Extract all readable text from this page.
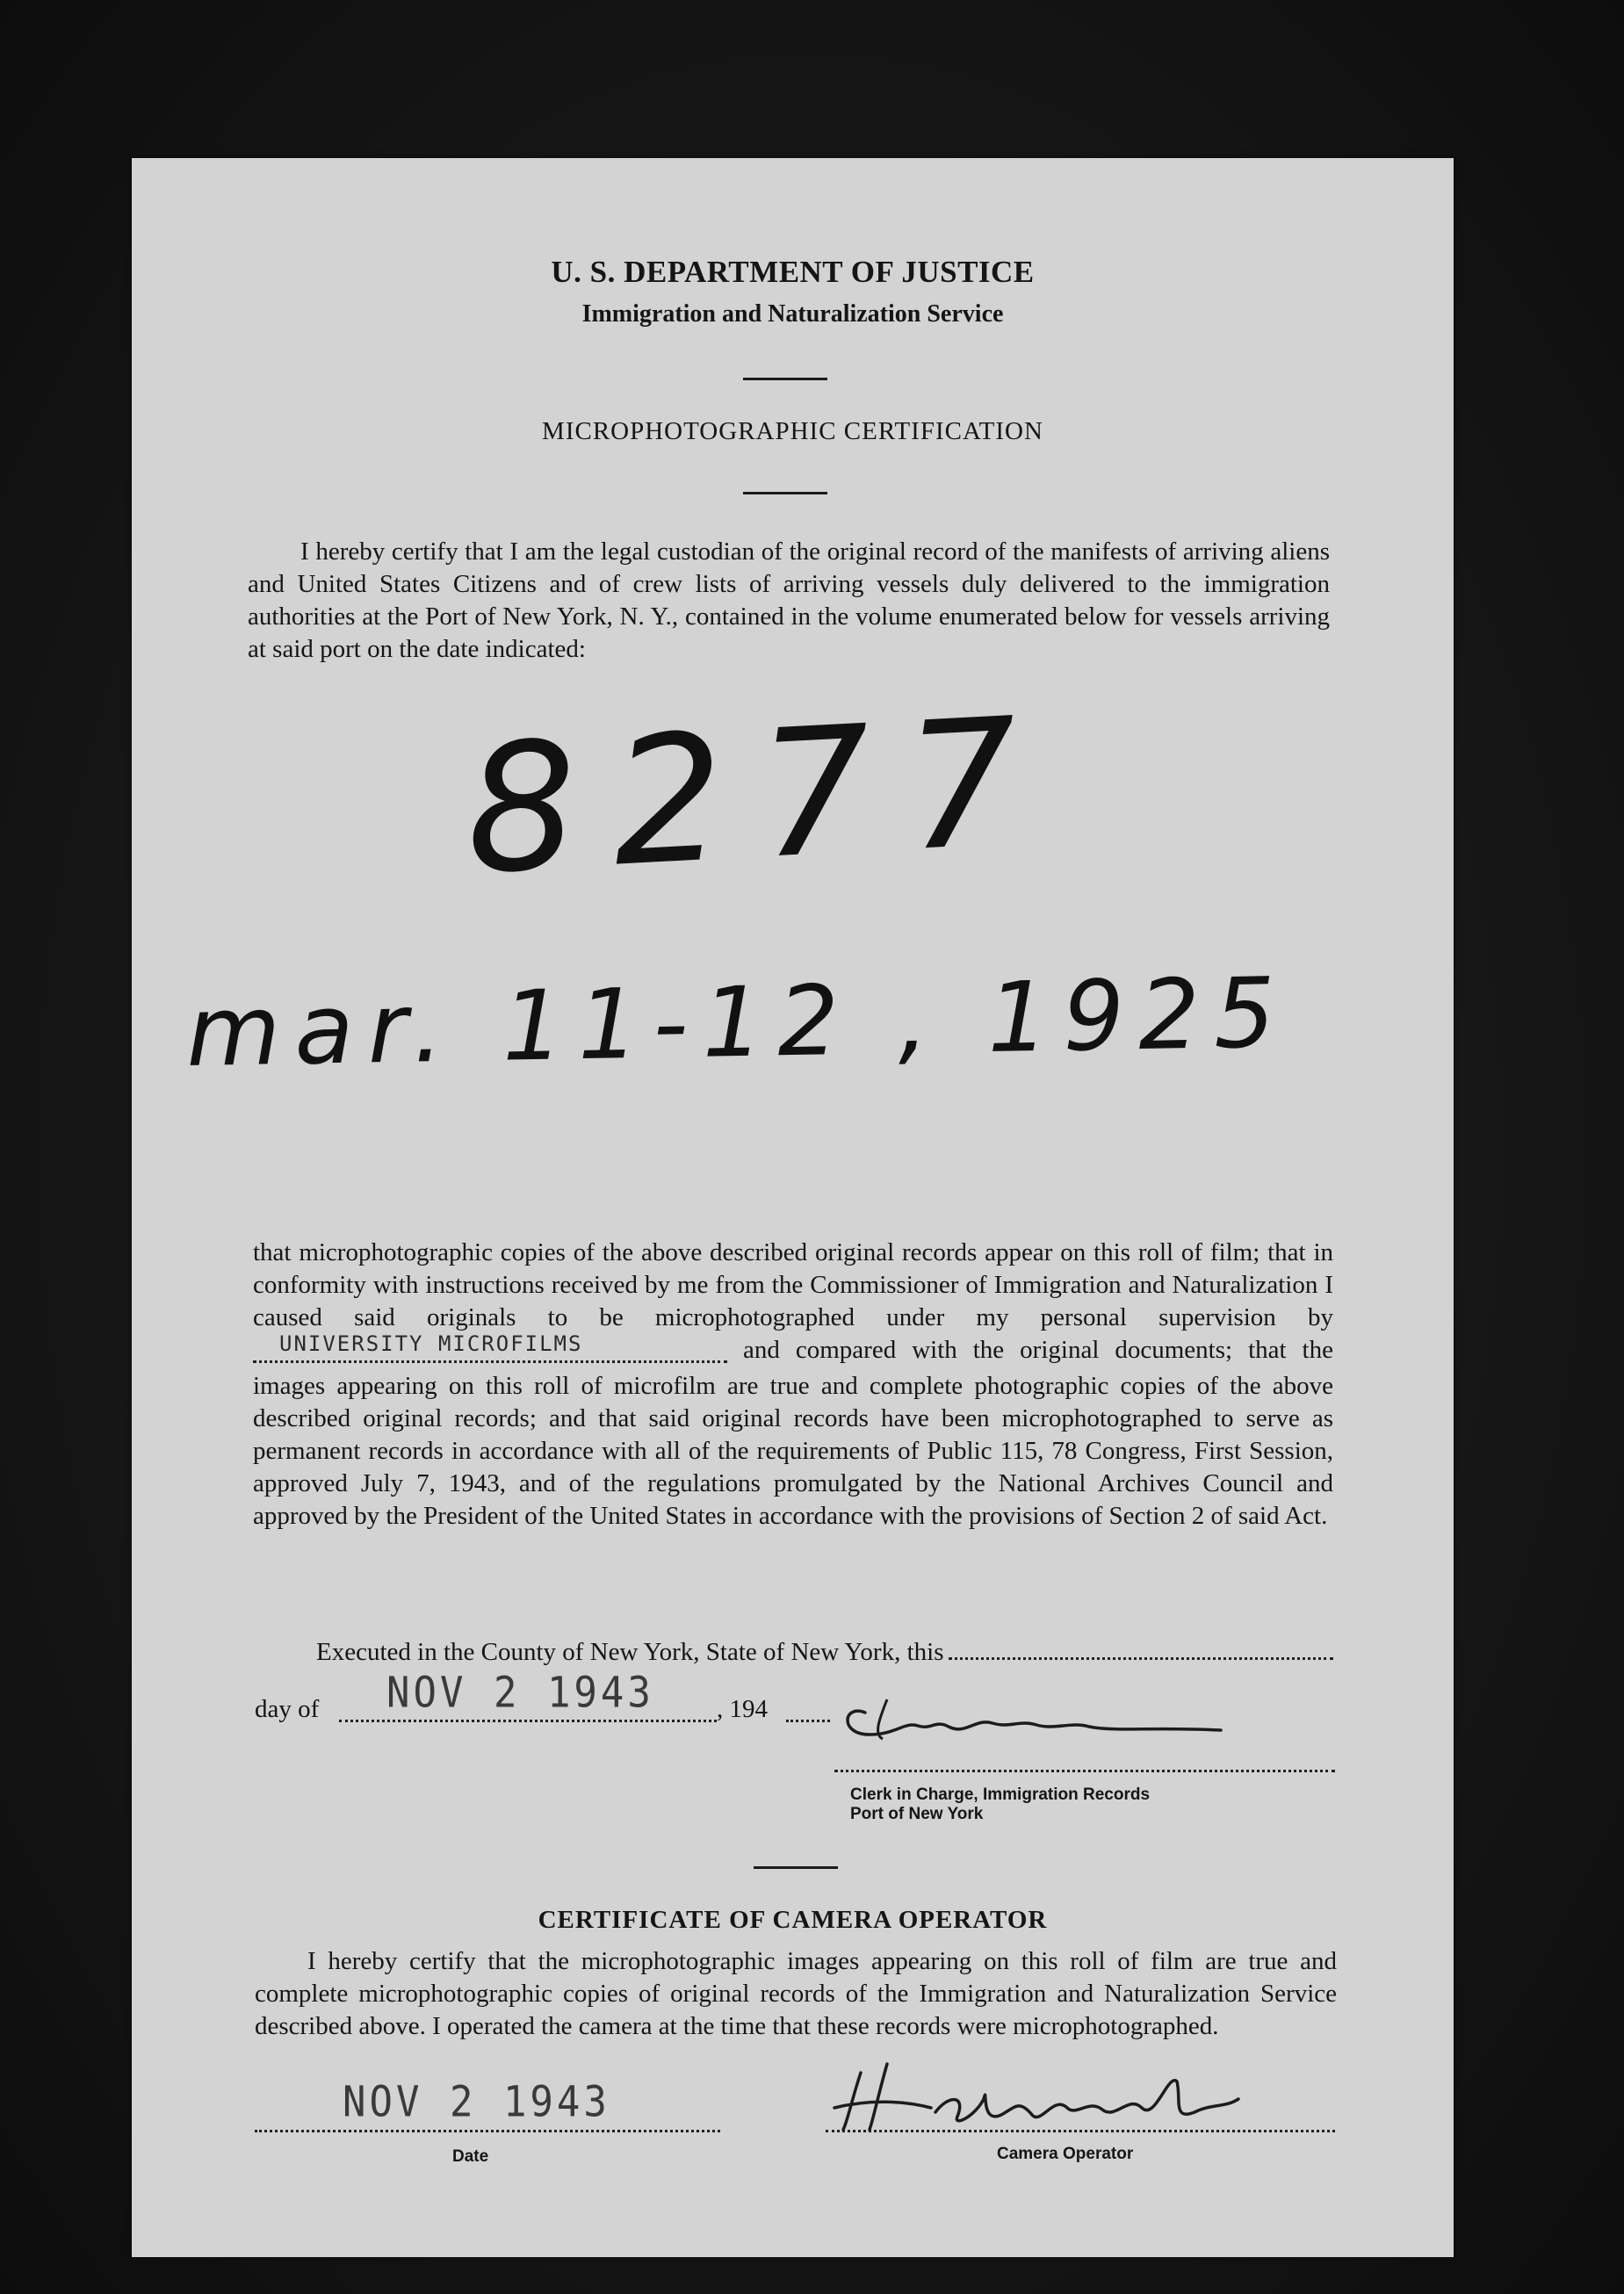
U. S. DEPARTMENT OF JUSTICE
Immigration and Naturalization Service
MICROPHOTOGRAPHIC CERTIFICATION
I hereby certify that I am the legal custodian of the original record of the manifests of arriving aliens and United States Citizens and of crew lists of arriving vessels duly delivered to the immigration authorities at the Port of New York, N. Y., contained in the volume enumerated below for vessels arriving at said port on the date indicated:
8277
mar. 11-12 , 1925
that microphotographic copies of the above described original records appear on this roll of film; that in conformity with instructions received by me from the Commissioner of Immigration and Naturalization I caused said originals to be microphotographed under my personal supervision by UNIVERSITY MICROFILMS	and compared with the original documents; that the images appearing on this roll of microfilm are true and complete photographic copies of the above described original records; and that said original records have been microphotographed to serve as permanent records in accordance with all of the requirements of Public 115, 78 Congress, First Session, approved July 7, 1943, and of the regulations promulgated by the National Archives Council and approved by the President of the United States in accordance with the provisions of Section 2 of said Act.
Executed in the County of New York, State of New York, this
day of NOV 2 1943 , 194
Clerk in Charge, Immigration Records
Port of New York
CERTIFICATE OF CAMERA OPERATOR
I hereby certify that the microphotographic images appearing on this roll of film are true and complete microphotographic copies of original records of the Immigration and Naturalization Service described above. I operated the camera at the time that these records were microphotographed.
NOV 2 1943
Date	Camera Operator
